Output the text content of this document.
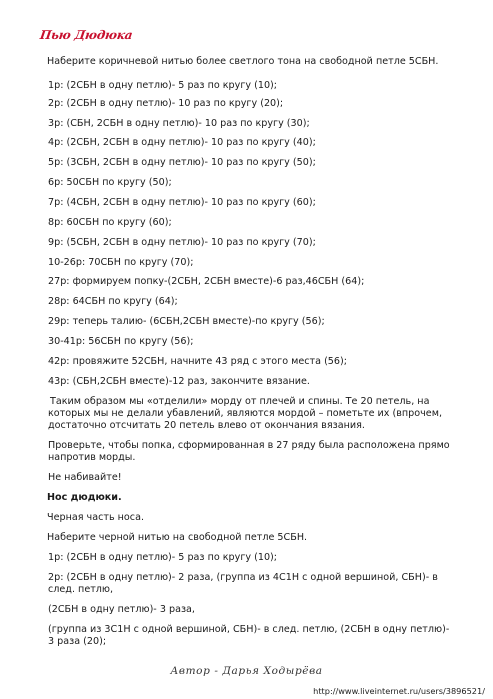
Пью Дюдюка
Наберите коричневой нитью более светлого тона на свободной петле 5СБН.
1р: (2СБН в одну петлю)- 5 раз по кругу (10);
2р: (2СБН в одну петлю)- 10 раз по кругу (20);
3р: (СБН, 2СБН в одну петлю)- 10 раз по кругу (30);
4р: (2СБН, 2СБН в одну петлю)- 10 раз по кругу (40);
5р: (3СБН, 2СБН в одну петлю)- 10 раз по кругу (50);
6р: 50СБН по кругу (50);
7р: (4СБН, 2СБН в одну петлю)- 10 раз по кругу (60);
8р: 60СБН по кругу (60);
9р: (5СБН, 2СБН в одну петлю)- 10 раз по кругу (70);
10-26р: 70СБН по кругу (70);
27р: формируем попку-(2СБН, 2СБН вместе)-6 раз,46СБН (64);
28р: 64СБН по кругу (64);
29р: теперь талию- (6СБН,2СБН вместе)-по кругу (56);
30-41р: 56СБН по кругу (56);
42р: провяжите 52СБН, начните 43 ряд с этого места (56);
43р: (СБН,2СБН вместе)-12 раз, закончите вязание.
Таким образом мы «отделили» морду от плечей и спины. Те 20 петель, на которых мы не делали убавлений, являются мордой – пометьте их (впрочем, достаточно отсчитать 20 петель влево от окончания вязания.
Проверьте, чтобы попка, сформированная в 27 ряду была расположена прямо напротив морды.
Не набивайте!
Нос дюдюки.
Черная часть носа.
Наберите черной нитью на свободной петле 5СБН.
1р: (2СБН в одну петлю)- 5 раз по кругу (10);
2р: (2СБН в одну петлю)- 2 раза, (группа из 4С1Н с одной вершиной, СБН)- в след. петлю,
(2СБН в одну петлю)- 3 раза,
(группа из 3С1Н с одной вершиной, СБН)- в след. петлю, (2СБН в одну петлю)- 3 раза (20);
Автор - Дарья Ходырёва
http://www.liveinternet.ru/users/3896521/
